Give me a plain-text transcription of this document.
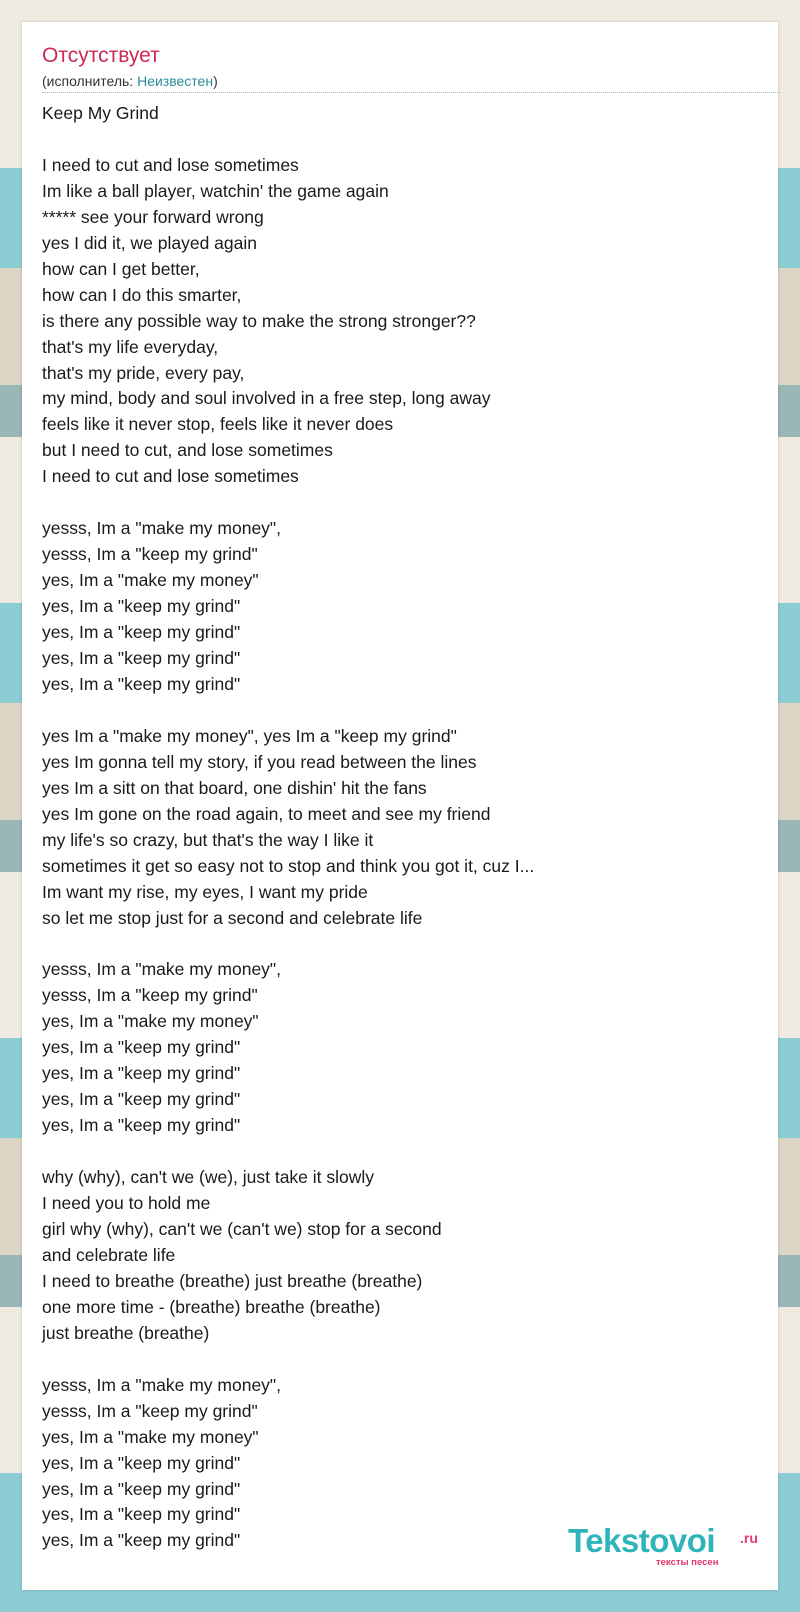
Отсутствует
(исполнитель: Неизвестен)
Keep My Grind
I need to cut and lose sometimes
Im like a ball player, watchin' the game again
***** see your forward wrong
yes I did it, we played again
how can I get better,
how can I do this smarter,
is there any possible way to make the strong stronger??
that's my life everyday,
that's my pride, every pay,
my mind, body and soul involved in a free step, long away
feels like it never stop, feels like it never does
but I need to cut, and lose sometimes
I need to cut and lose sometimes
yesss, Im a "make my money",
yesss, Im a "keep my grind"
yes, Im a "make my money"
yes, Im a "keep my grind"
yes, Im a "keep my grind"
yes, Im a "keep my grind"
yes, Im a "keep my grind"
yes Im a "make my money", yes Im a "keep my grind"
yes Im gonna tell my story, if you read between the lines
yes Im a sitt on that board, one dishin' hit the fans
yes Im gone on the road again, to meet and see my friend
my life's so crazy, but that's the way I like it
sometimes it get so easy not to stop and think you got it, cuz I...
Im want my rise, my eyes, I want my pride
so let me stop just for a second and celebrate life
yesss, Im a "make my money",
yesss, Im a "keep my grind"
yes, Im a "make my money"
yes, Im a "keep my grind"
yes, Im a "keep my grind"
yes, Im a "keep my grind"
yes, Im a "keep my grind"
why (why), can't we (we), just take it slowly
I need you to hold me
girl why (why), can't we (can't we) stop for a second
and celebrate life
I need to breathe (breathe) just breathe (breathe)
one more time - (breathe) breathe (breathe)
just breathe (breathe)
yesss, Im a "make my money",
yesss, Im a "keep my grind"
yes, Im a "make my money"
yes, Im a "keep my grind"
yes, Im a "keep my grind"
yes, Im a "keep my grind"
yes, Im a "keep my grind"	Tekstovoi .ru
тексты песен
